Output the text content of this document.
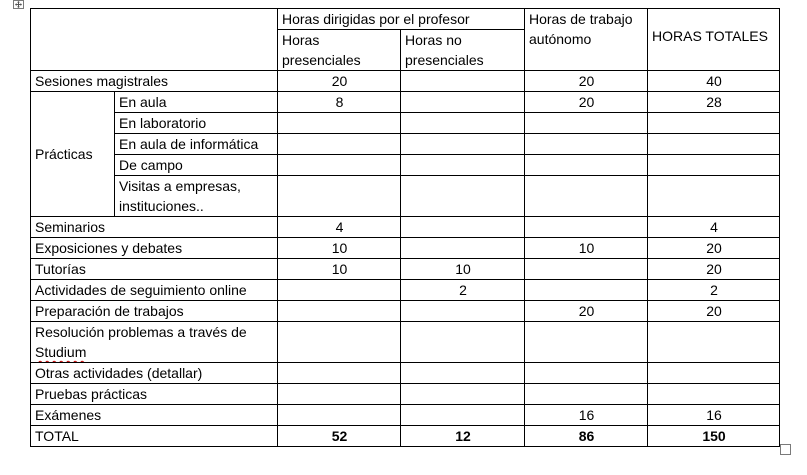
		Horas dirigidas por el profesor		Horas de trabajo autónomo	HORAS TOTALES
		Horas presenciales	Horas no presenciales		
Sesiones magistrales		20		20	40
Prácticas	En aula	8		20	28
	En laboratorio				
	En aula de informática				
	De campo				
	Visitas a empresas, instituciones..				
Seminarios		4			4
Exposiciones y debates		10		10	20
Tutorías		10	10		20
Actividades de seguimiento online			2		2
Preparación de trabajos				20	20

Resolución problemas a través de
Studium					

Otras actividades (detallar)					
Pruebas prácticas					
Exámenes				16	16
TOTAL		52	12	86	150
